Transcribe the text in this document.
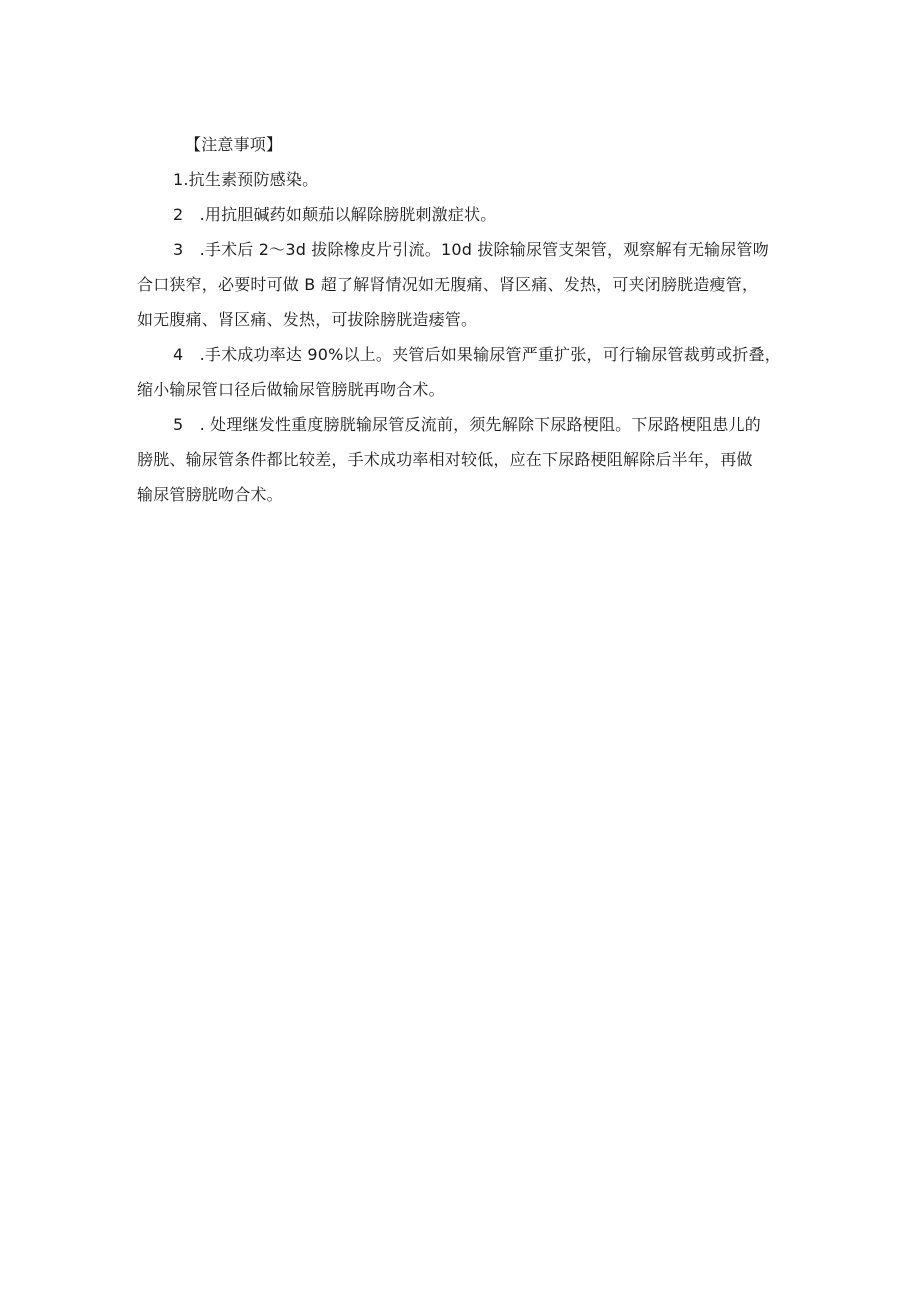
【注意事项】
1.抗生素预防感染。
2　.用抗胆碱药如颠茄以解除膀胱刺激症状。
3　.手术后 2～3d 拔除橡皮片引流。10d 拔除输尿管支架管，观察解有无输尿管吻
合口狭窄，必要时可做 B 超了解肾情况如无腹痛、肾区痛、发热，可夹闭膀胱造瘦管，
如无腹痛、肾区痛、发热，可拔除膀胱造痿管。
4　.手术成功率达 90%以上。夹管后如果输尿管严重扩张，可行输尿管裁剪或折叠，
缩小输尿管口径后做输尿管膀胱再吻合术。
5　. 处理继发性重度膀胱输尿管反流前，须先解除下尿路梗阻。下尿路梗阻患儿的
膀胱、输尿管条件都比较差，手术成功率相对较低，应在下尿路梗阻解除后半年，再做
输尿管膀胱吻合术。
